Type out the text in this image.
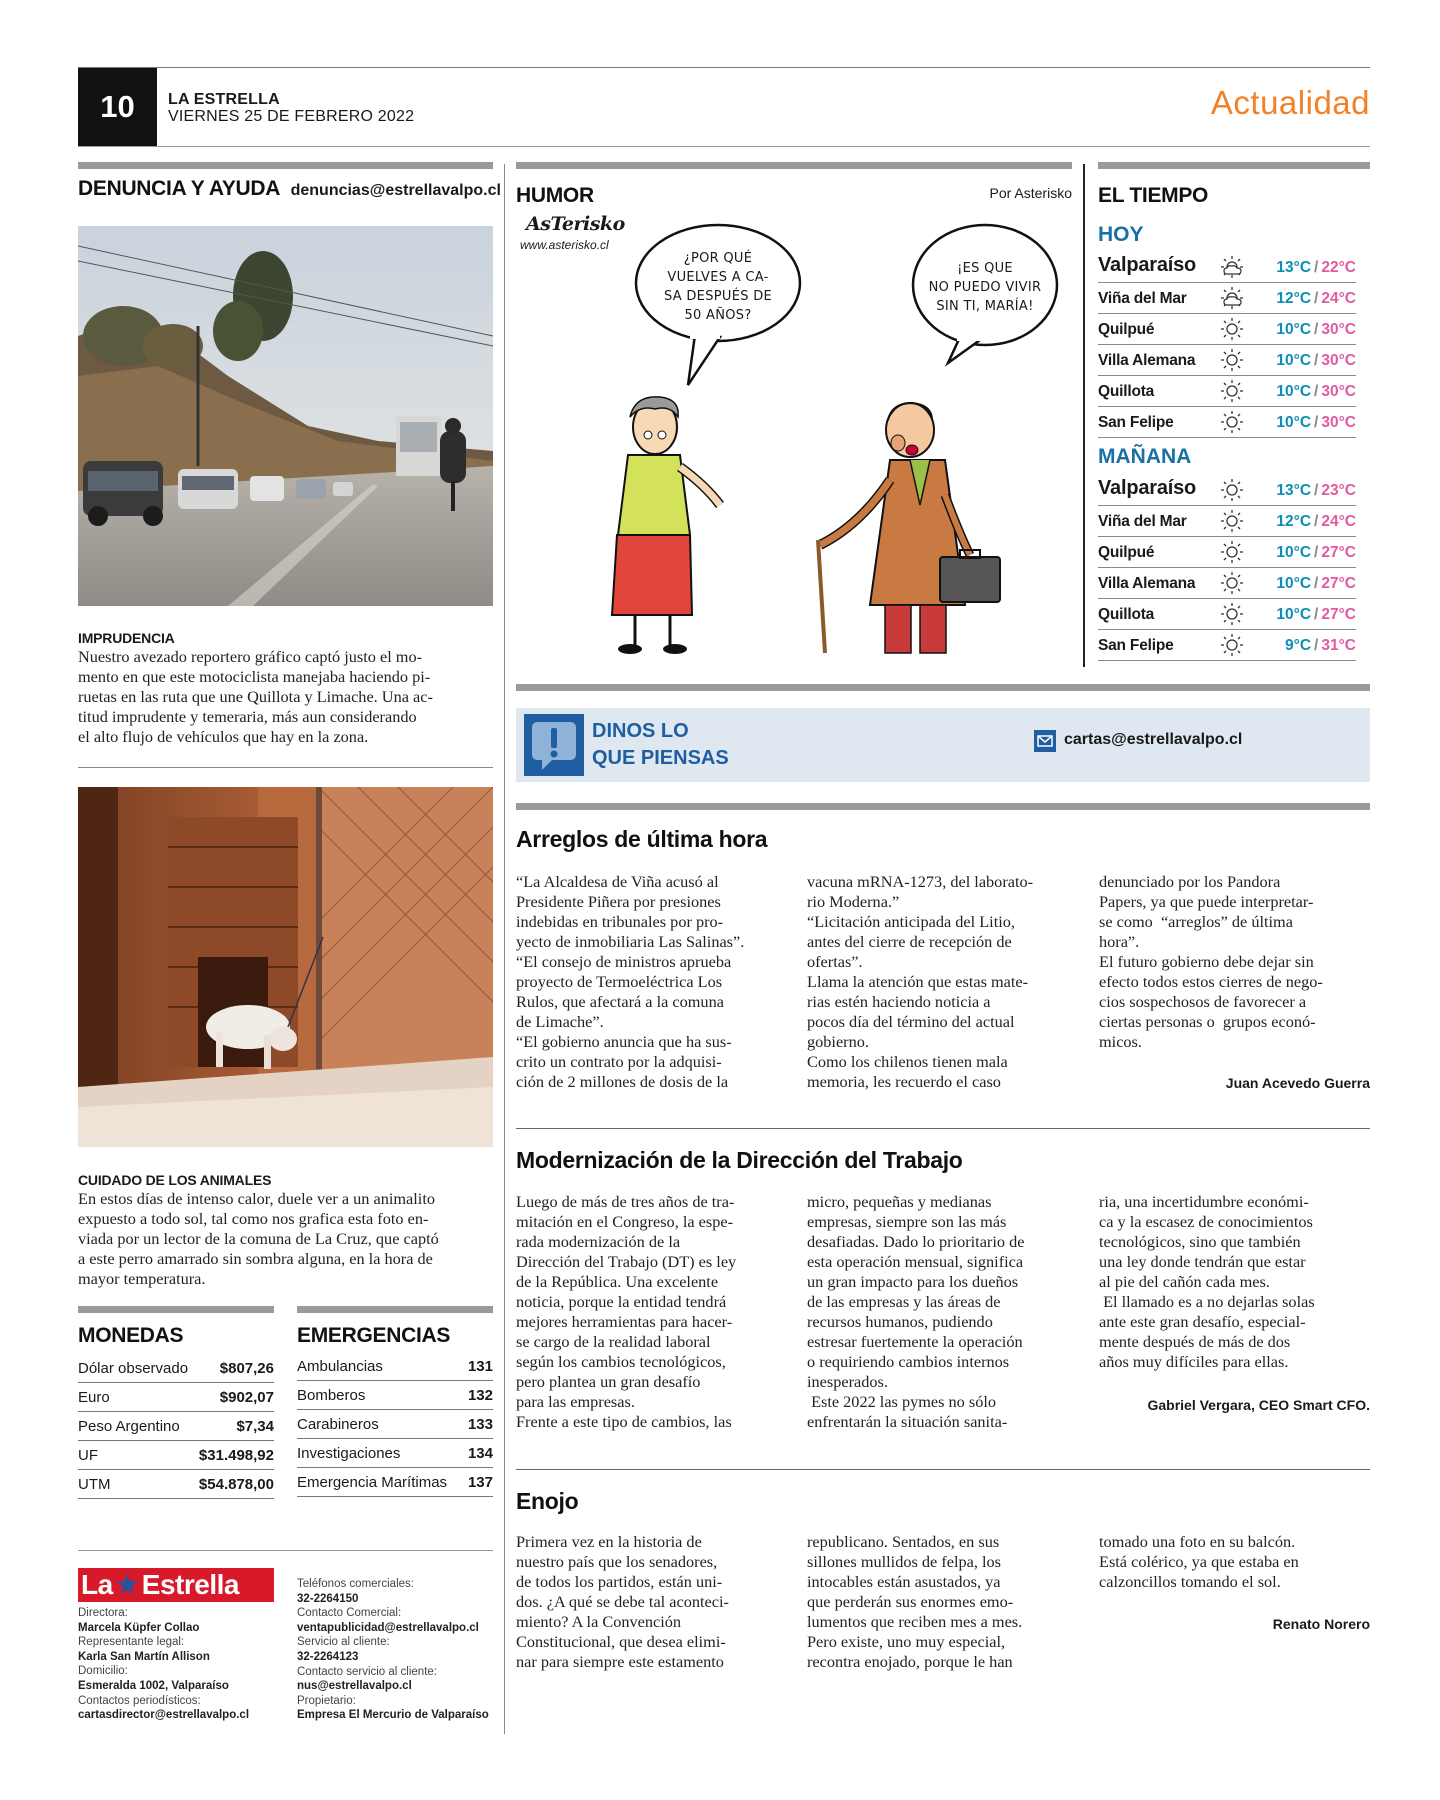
10	LA ESTRELLA
VIERNES 25 DE FEBRERO 2022	Actualidad
DENUNCIA Y AYUDA denuncias@estrellavalpo.cl
IMPRUDENCIA

Nuestro avezado reportero gráfico captó justo el mo-

mento en que este motociclista manejaba haciendo pi-

ruetas en las ruta que une Quillota y Limache. Una ac-

titud imprudente y temeraria, más aun considerando

el alto flujo de vehículos que hay en la zona.

CUIDADO DE LOS ANIMALES

En estos días de intenso calor, duele ver a un animalito

expuesto a todo sol, tal como nos grafica esta foto en-

viada por un lector de la comuna de La Cruz, que captó

a este perro amarrado sin sombra alguna, en la hora de

mayor temperatura.

MONEDAS
Dólar observado $807,26
Euro	$902,07
Peso Argentino	$7,34
UF	$31.498,92
UTM	$54.878,00
EMERGENCIAS
Ambulancias	131
Bomberos	132
Carabineros	133
Investigaciones	134
Emergencia Marítimas 137
La ★ Estrella
Directora:
Marcela Küpfer Collao
Representante legal:
Karla San Martín Allison
Domicilio:
Esmeralda 1002, Valparaíso
Contactos periodísticos:
cartasdirector@estrellavalpo.cl
Teléfonos comerciales:
32-2264150
Contacto Comercial:
ventapublicidad@estrellavalpo.cl
Servicio al cliente:
32-2264123
Contacto servicio al cliente:
nus@estrellavalpo.cl
Propietario:
Empresa El Mercurio de Valparaíso
HUMOR	Por Asterisko
AsTerisko
www.asterisko.cl
¿POR QUÉ
VUELVES A CA-
SA DESPUÉS DE
50 AÑOS?
¡ES QUE
NO PUEDO VIVIR
SIN TI, MARÍA!
EL TIEMPO
HOY
Valparaíso	13°C / 22°C
Viña del Mar	12°C / 24°C
Quilpué	10°C / 30°C
Villa Alemana	10°C / 30°C
Quillota	10°C / 30°C
San Felipe	10°C / 30°C
MAÑANA
Valparaíso	13°C / 23°C
Viña del Mar	12°C / 24°C
Quilpué	10°C / 27°C
Villa Alemana	10°C / 27°C
Quillota	10°C / 27°C
San Felipe	9°C / 31°C
DINOS LO
QUE PIENSAS
cartas@estrellavalpo.cl
Arreglos de última hora

“La Alcaldesa de Viña acusó al

Presidente Piñera por presiones

indebidas en tribunales por pro-

yecto de inmobiliaria Las Salinas”.

“El consejo de ministros aprueba

proyecto de Termoeléctrica Los

Rulos, que afectará a la comuna

de Limache”.

“El gobierno anuncia que ha sus-

crito un contrato por la adquisi-

ción de 2 millones de dosis de la

vacuna mRNA-1273, del laborato-

rio Moderna.”

“Licitación anticipada del Litio,

antes del cierre de recepción de

ofertas”.

Llama la atención que estas mate-

rias estén haciendo noticia a

pocos día del término del actual

gobierno.

Como los chilenos tienen mala

memoria, les recuerdo el caso

denunciado por los Pandora

Papers, ya que puede interpretar-

se como  “arreglos” de última

hora”.

El futuro gobierno debe dejar sin

efecto todos estos cierres de nego-

cios sospechosos de favorecer a

ciertas personas o  grupos econó-

micos.

Juan Acevedo Guerra
Modernización de la Dirección del Trabajo

Luego de más de tres años de tra-

mitación en el Congreso, la espe-

rada modernización de la

Dirección del Trabajo (DT) es ley

de la República. Una excelente

noticia, porque la entidad tendrá

mejores herramientas para hacer-

se cargo de la realidad laboral

según los cambios tecnológicos,

pero plantea un gran desafío

para las empresas.

Frente a este tipo de cambios, las

micro, pequeñas y medianas

empresas, siempre son las más

desafiadas. Dado lo prioritario de

esta operación mensual, significa

un gran impacto para los dueños

de las empresas y las áreas de

recursos humanos, pudiendo

estresar fuertemente la operación

o requiriendo cambios internos

inesperados.

Este 2022 las pymes no sólo

enfrentarán la situación sanita-

ria, una incertidumbre económi-

ca y la escasez de conocimientos

tecnológicos, sino que también

una ley donde tendrán que estar

al pie del cañón cada mes.

El llamado es a no dejarlas solas

ante este gran desafío, especial-

mente después de más de dos

años muy difíciles para ellas.

Gabriel Vergara, CEO Smart CFO.
Enojo

Primera vez en la historia de

nuestro país que los senadores,

de todos los partidos, están uni-

dos. ¿A qué se debe tal aconteci-

miento? A la Convención

Constitucional, que desea elimi-

nar para siempre este estamento

republicano. Sentados, en sus

sillones mullidos de felpa, los

intocables están asustados, ya

que perderán sus enormes emo-

lumentos que reciben mes a mes.

Pero existe, uno muy especial,

recontra enojado, porque le han

tomado una foto en su balcón.

Está colérico, ya que estaba en

calzoncillos tomando el sol.

Renato Norero
